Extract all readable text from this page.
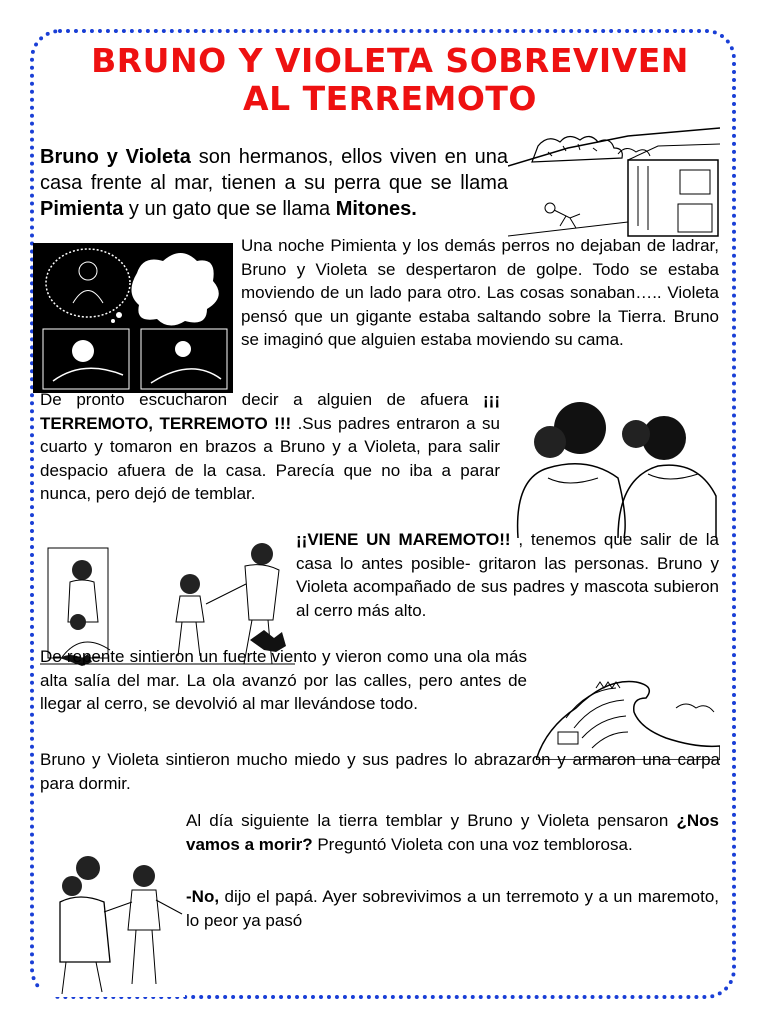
BRUNO Y VIOLETA SOBREVIVEN
AL TERREMOTO

Bruno y Violeta son hermanos, ellos viven en una casa frente al mar, tienen a su perra que se llama Pimienta y un gato que se llama Mitones.

Una noche Pimienta y los demás perros no dejaban de ladrar, Bruno y Violeta se despertaron de golpe. Todo se estaba moviendo de un lado para otro. Las cosas sonaban….. Violeta pensó que un gigante estaba saltando sobre la Tierra. Bruno se imaginó que alguien estaba moviendo su cama.

De pronto escucharon decir a alguien de afuera ¡¡¡ TERREMOTO, TERREMOTO !!! .Sus padres entraron a su cuarto y tomaron en brazos a Bruno y a Violeta, para salir despacio afuera de la casa. Parecía que no iba a parar nunca, pero dejó de temblar.

¡¡VIENE UN MAREMOTO!! , tenemos que salir de la casa lo antes posible- gritaron las personas. Bruno y Violeta acompañado de sus padres y mascota subieron al cerro más alto.

De repente sintieron un fuerte viento y vieron como una ola más alta salía del mar. La ola avanzó por las calles, pero antes de llegar al cerro, se devolvió al mar llevándose todo.

Bruno y Violeta sintieron mucho miedo y sus padres lo abrazaron y armaron una carpa para dormir.

Al día siguiente la tierra temblar y Bruno y Violeta pensaron ¿Nos vamos a morir? Preguntó Violeta con una voz temblorosa.

-No, dijo el papá. Ayer sobrevivimos a un terremoto y a un maremoto, lo peor ya pasó
